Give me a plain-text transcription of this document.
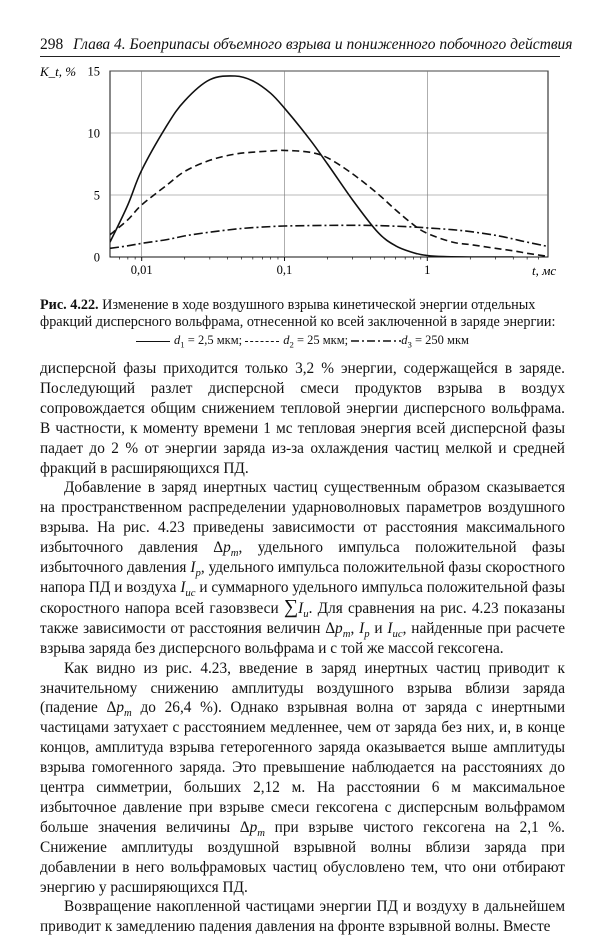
298 Глава 4. Боеприпасы объемного взрыва и пониженного побочного действия
0,01	0,1	1
0
5
10
15
K_t, %
t, мс
Рис. 4.22. Изменение в ходе воздушного взрыва кинетической энергии отдельных фракций дисперсного вольфрама, отнесенной ко всей заключенной в заряде энергии:
$d_1 = 2,5$ мкм;	$d_2 = 25$ мкм;	$d_3 = 250$ мкм

дисперсной фазы приходится только 3,2 % энергии, содержащейся в заряде. Последующий разлет дисперсной смеси продуктов взрыва в воздух сопровождается общим снижением тепловой энергии дисперсного вольфрама. В частности, к моменту времени 1 мс тепловая энергия всей дисперсной фазы падает до 2 % от энергии заряда из-за охлаждения частиц мелкой и средней фракций в расширяющихся ПД.

Добавление в заряд инертных частиц существенным образом сказывается на пространственном распределении ударноволновых параметров воздушного взрыва. На рис. 4.23 приведены зависимости от расстояния максимального избыточного давления $\Delta p_m$, удельного импульса положительной фазы избыточного давления $I_p$, удельного импульса положительной фазы скоростного напора ПД и воздуха $I_{ис}$ и суммарного удельного импульса положительной фазы скоростного напора всей газовзвеси $\sum I_и$. Для сравнения на рис. 4.23 показаны также зависимости от расстояния величин $\Delta p_m$, $I_p$ и $I_{ис}$, найденные при расчете взрыва заряда без дисперсного вольфрама и с той же массой гексогена.

Как видно из рис. 4.23, введение в заряд инертных частиц приводит к значительному снижению амплитуды воздушного взрыва вблизи заряда (падение $\Delta p_m$ до 26,4 %). Однако взрывная волна от заряда с инертными частицами затухает с расстоянием медленнее, чем от заряда без них, и, в конце концов, амплитуда взрыва гетерогенного заряда оказывается выше амплитуды взрыва гомогенного заряда. Это превышение наблюдается на расстояниях до центра симметрии, больших 2,12 м. На расстоянии 6 м максимальное избыточное давление при взрыве смеси гексогена с дисперсным вольфрамом больше значения величины $\Delta p_m$ при взрыве чистого гексогена на 2,1 %. Снижение амплитуды воздушной взрывной волны вблизи заряда при добавлении в него вольфрамовых частиц обусловлено тем, что они отбирают энергию у расширяющихся ПД.

Возвращение накопленной частицами энергии ПД и воздуху в дальнейшем приводит к замедлению падения давления на фронте взрывной волны. Вместе
